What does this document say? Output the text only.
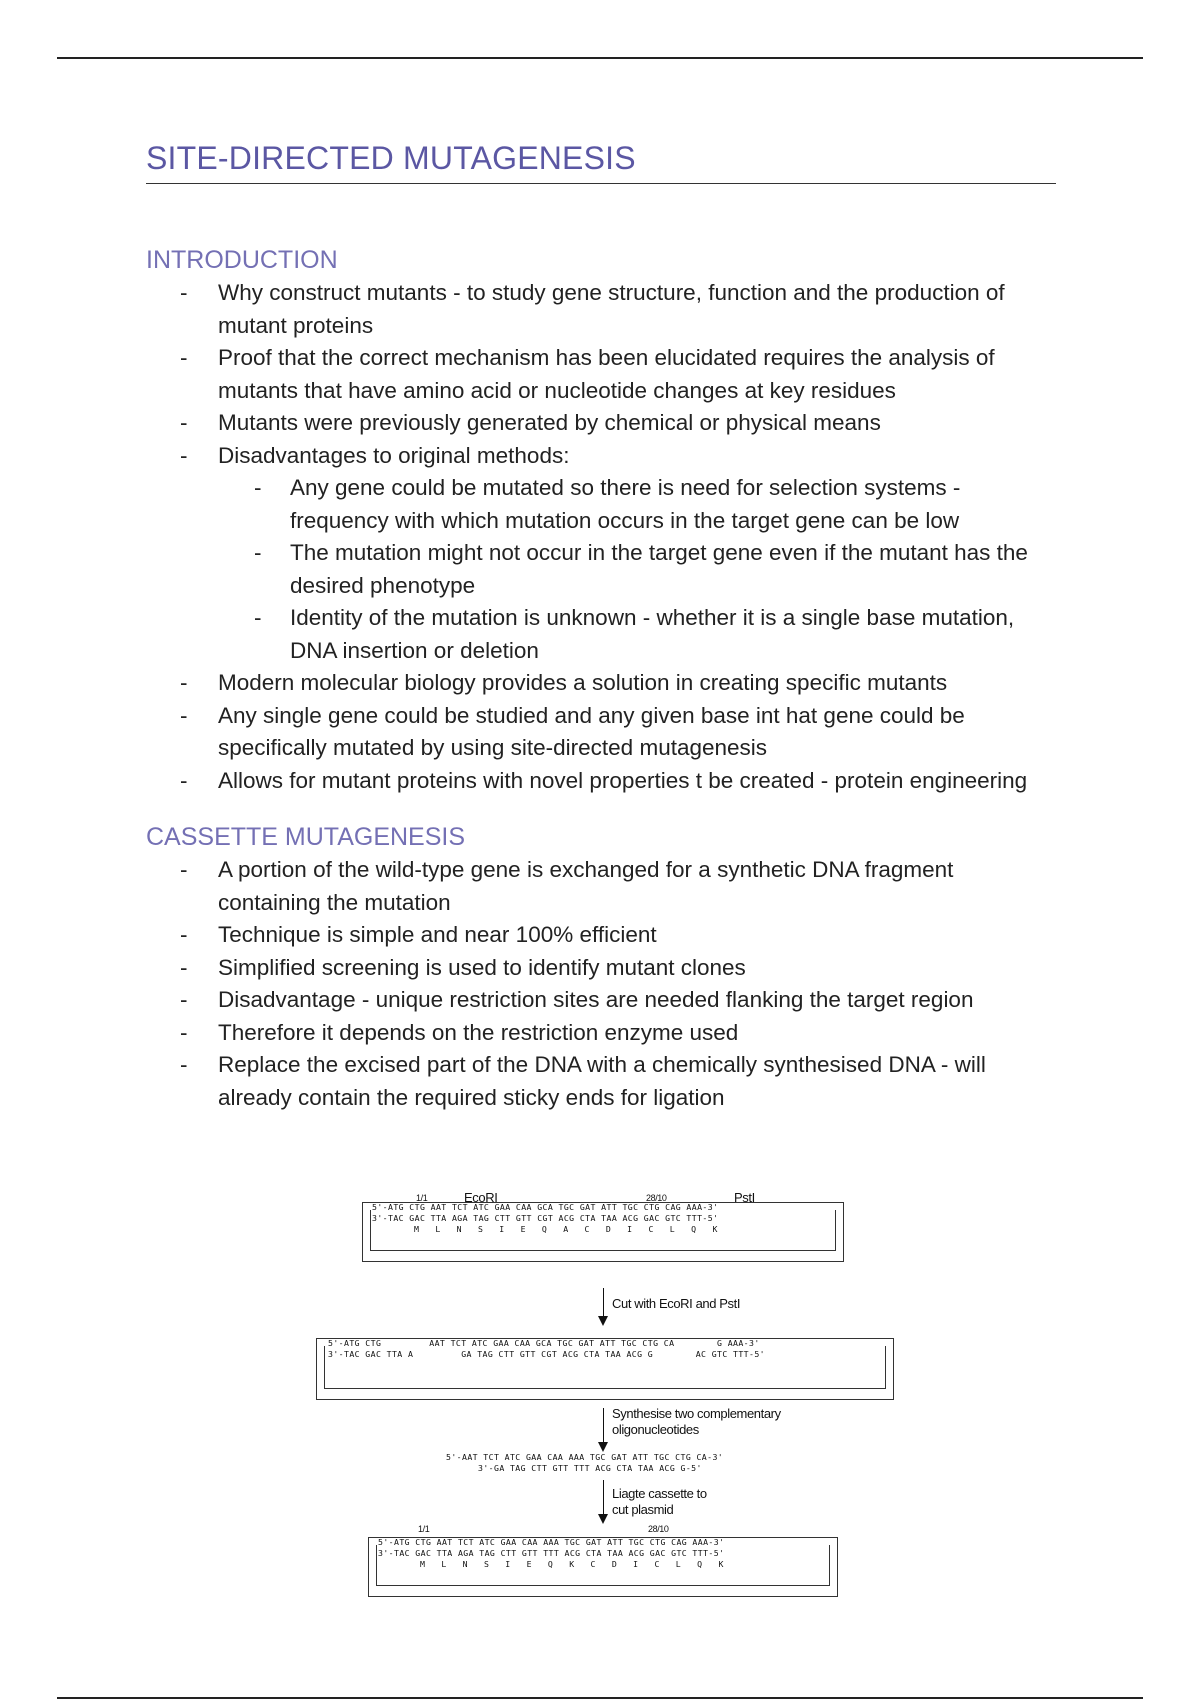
SITE-DIRECTED MUTAGENESIS
INTRODUCTION
- Why construct mutants - to study gene structure, function and the production of mutant proteins
- Proof that the correct mechanism has been elucidated requires the analysis of mutants that have amino acid or nucleotide changes at key residues
- Mutants were previously generated by chemical or physical means
- Disadvantages to original methods:
- Any gene could be mutated so there is need for selection systems - frequency with which mutation occurs in the target gene can be low
- The mutation might not occur in the target gene even if the mutant has the desired phenotype
- Identity of the mutation is unknown - whether it is a single base mutation, DNA insertion or deletion
- Modern molecular biology provides a solution in creating specific mutants
- Any single gene could be studied and any given base int hat gene could be specifically mutated by using site-directed mutagenesis
- Allows for mutant proteins with novel properties t be created - protein engineering
CASSETTE MUTAGENESIS
- A portion of the wild-type gene is exchanged for a synthetic DNA fragment containing the mutation
- Technique is simple and near 100% efficient
- Simplified screening is used to identify mutant clones
- Disadvantage - unique restriction sites are needed flanking the target region
- Therefore it depends on the restriction enzyme used
- Replace the excised part of the DNA with a chemically synthesised DNA - will already contain the required sticky ends for ligation
1/1	EcoRI	28/10	PstI
5'-ATG CTG AAT TCT ATC GAA CAA GCA TGC GAT ATT TGC CTG CAG AAA-3'
3'-TAC GAC TTA AGA TAG CTT GTT CGT ACG CTA TAA ACG GAC GTC TTT-5'
M   L   N   S   I   E   Q   A   C   D   I   C   L   Q   K
Cut with EcoRI and PstI
5'-ATG CTG         AAT TCT ATC GAA CAA GCA TGC GAT ATT TGC CTG CA        G AAA-3'
3'-TAC GAC TTA A         GA TAG CTT GTT CGT ACG CTA TAA ACG G        AC GTC TTT-5'
Synthesise two complementary
oligonucleotides
5'-AAT TCT ATC GAA CAA AAA TGC GAT ATT TGC CTG CA-3'
3'-GA TAG CTT GTT TTT ACG CTA TAA ACG G-5'
Liagte cassette to
cut plasmid
1/1	28/10
5'-ATG CTG AAT TCT ATC GAA CAA AAA TGC GAT ATT TGC CTG CAG AAA-3'
3'-TAC GAC TTA AGA TAG CTT GTT TTT ACG CTA TAA ACG GAC GTC TTT-5'
M   L   N   S   I   E   Q   K   C   D   I   C   L   Q   K
